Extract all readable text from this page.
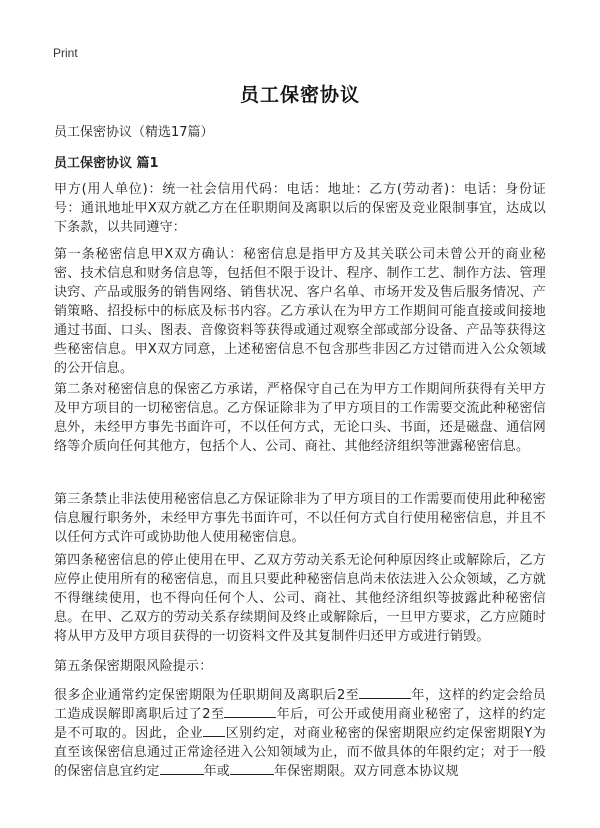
Print
员工保密协议
员工保密协议（精选17篇）
员工保密协议 篇1

甲方(用人单位)：统一社会信用代码：电话：地址：乙方(劳动者)：电话：身份证号：通讯地址甲X双方就乙方在任职期间及离职以后的保密及竞业限制事宜，达成以下条款，以共同遵守：

第一条秘密信息甲X双方确认：秘密信息是指甲方及其关联公司未曾公开的商业秘密、技术信息和财务信息等，包括但不限于设计、程序、制作工艺、制作方法、管理诀窍、产品或服务的销售网络、销售状况、客户名单、市场开发及售后服务情况、产销策略、招投标中的标底及标书内容。乙方承认在为甲方工作期间可能直接或间接地通过书面、口头、图表、音像资料等获得或通过观察全部或部分设备、产品等获得这些秘密信息。甲X双方同意，上述秘密信息不包含那些非因乙方过错而进入公众领域的公开信息。

第二条对秘密信息的保密乙方承诺，严格保守自己在为甲方工作期间所获得有关甲方及甲方项目的一切秘密信息。乙方保证除非为了甲方项目的工作需要交流此种秘密信息外，未经甲方事先书面许可，不以任何方式，无论口头、书面，还是磁盘、通信网络等介质向任何其他方，包括个人、公司、商社、其他经济组织等泄露秘密信息。

第三条禁止非法使用秘密信息乙方保证除非为了甲方项目的工作需要而使用此种秘密信息履行职务外，未经甲方事先书面许可，不以任何方式自行使用秘密信息，并且不以任何方式许可或协助他人使用秘密信息。

第四条秘密信息的停止使用在甲、乙双方劳动关系无论何种原因终止或解除后，乙方应停止使用所有的秘密信息，而且只要此种秘密信息尚未依法进入公众领域，乙方就不得继续使用，也不得向任何个人、公司、商社、其他经济组织等披露此种秘密信息。在甲、乙双方的劳动关系存续期间及终止或解除后，一旦甲方要求，乙方应随时将从甲方及甲方项目获得的一切资料文件及其复制件归还甲方或进行销毁。

第五条保密期限风险提示：

很多企业通常约定保密期限为任职期间及离职后2至	年，这样的约定会给员工造成误解即离职后过了2至	年后，可公开或使用商业秘密了，这样的约定是不可取的。因此，企业 区别约定，对商业秘密的保密期限应约定保密期限Y为直至该保密信息通过正常途径进入公知领域为止，而不做具体的年限约定；对于一般的保密信息宜约定	年或	年保密期限。双方同意本协议规
